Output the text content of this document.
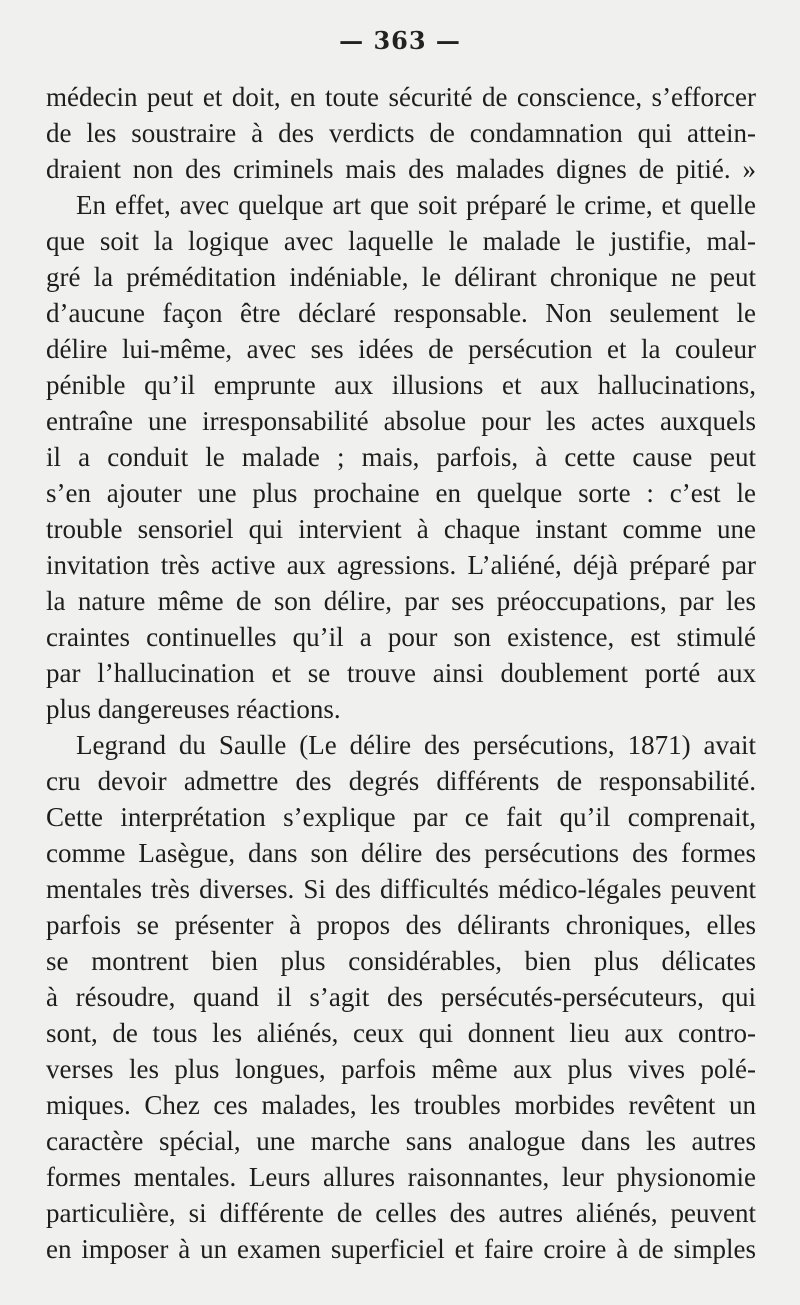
— 363 —
médecin peut et doit, en toute sécurité de conscience, s’efforcer
de les soustraire à des verdicts de condamnation qui attein-
draient non des criminels mais des malades dignes de pitié. »
En effet, avec quelque art que soit préparé le crime, et quelle
que soit la logique avec laquelle le malade le justifie, mal-
gré la préméditation indéniable, le délirant chronique ne peut
d’aucune façon être déclaré responsable. Non seulement le
délire lui-même, avec ses idées de persécution et la couleur
pénible qu’il emprunte aux illusions et aux hallucinations,
entraîne une irresponsabilité absolue pour les actes auxquels
il a conduit le malade ; mais, parfois, à cette cause peut
s’en ajouter une plus prochaine en quelque sorte : c’est le
trouble sensoriel qui intervient à chaque instant comme une
invitation très active aux agressions. L’aliéné, déjà préparé par
la nature même de son délire, par ses préoccupations, par les
craintes continuelles qu’il a pour son existence, est stimulé
par l’hallucination et se trouve ainsi doublement porté aux
plus dangereuses réactions.
Legrand du Saulle (Le délire des persécutions, 1871) avait
cru devoir admettre des degrés différents de responsabilité.
Cette interprétation s’explique par ce fait qu’il comprenait,
comme Lasègue, dans son délire des persécutions des formes
mentales très diverses. Si des difficultés médico-légales peuvent
parfois se présenter à propos des délirants chroniques, elles
se montrent bien plus considérables, bien plus délicates
à résoudre, quand il s’agit des persécutés-persécuteurs, qui
sont, de tous les aliénés, ceux qui donnent lieu aux contro-
verses les plus longues, parfois même aux plus vives polé-
miques. Chez ces malades, les troubles morbides revêtent un
caractère spécial, une marche sans analogue dans les autres
formes mentales. Leurs allures raisonnantes, leur physionomie
particulière, si différente de celles des autres aliénés, peuvent
en imposer à un examen superficiel et faire croire à de simples
